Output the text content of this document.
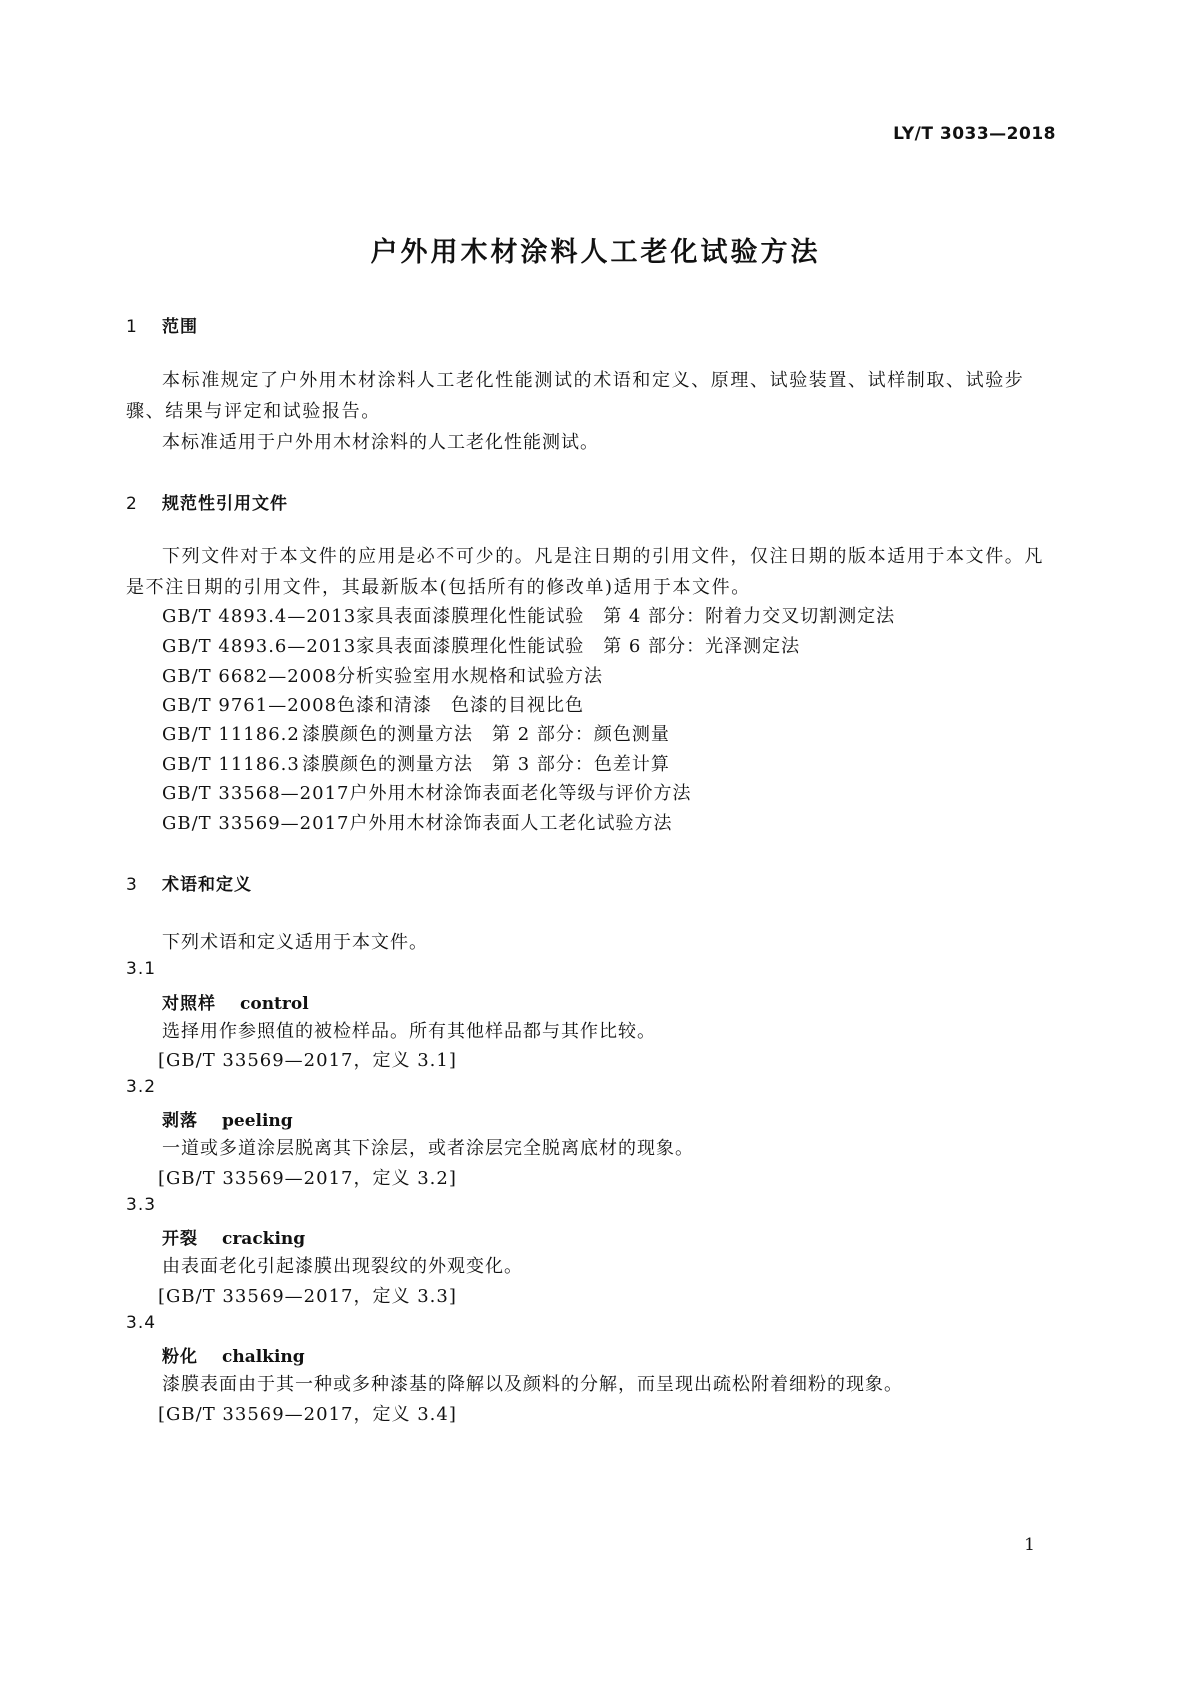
LY/T 3033—2018
户外用木材涂料人工老化试验方法
1 范围
本标准规定了户外用木材涂料人工老化性能测试的术语和定义、原理、试验装置、试样制取、试验步骤、结果与评定和试验报告。
本标准适用于户外用木材涂料的人工老化性能测试。
2 规范性引用文件
下列文件对于本文件的应用是必不可少的。凡是注日期的引用文件，仅注日期的版本适用于本文件。凡是不注日期的引用文件，其最新版本(包括所有的修改单)适用于本文件。
GB/T 4893.4—2013家具表面漆膜理化性能试验　第 4 部分：附着力交叉切割测定法
GB/T 4893.6—2013家具表面漆膜理化性能试验　第 6 部分：光泽测定法
GB/T 6682—2008分析实验室用水规格和试验方法
GB/T 9761—2008色漆和清漆　色漆的目视比色
GB/T 11186.2 漆膜颜色的测量方法　第 2 部分：颜色测量
GB/T 11186.3 漆膜颜色的测量方法　第 3 部分：色差计算
GB/T 33568—2017户外用木材涂饰表面老化等级与评价方法
GB/T 33569—2017户外用木材涂饰表面人工老化试验方法
3 术语和定义
下列术语和定义适用于本文件。
3.1
对照样 control
选择用作参照值的被检样品。所有其他样品都与其作比较。
[GB/T 33569—2017，定义 3.1]
3.2
剥落 peeling
一道或多道涂层脱离其下涂层，或者涂层完全脱离底材的现象。
[GB/T 33569—2017，定义 3.2]
3.3
开裂 cracking
由表面老化引起漆膜出现裂纹的外观变化。
[GB/T 33569—2017，定义 3.3]
3.4
粉化 chalking
漆膜表面由于其一种或多种漆基的降解以及颜料的分解，而呈现出疏松附着细粉的现象。
[GB/T 33569—2017，定义 3.4]
1
